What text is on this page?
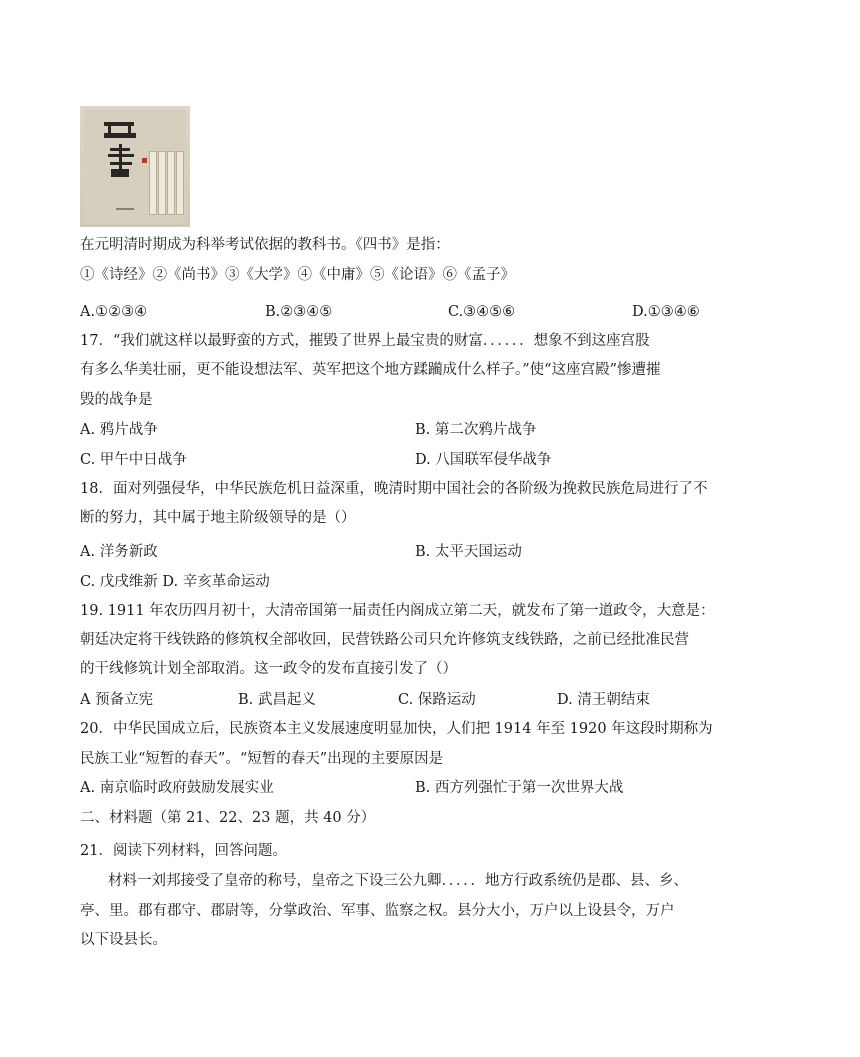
在元明清时期成为科举考试依据的教科书。《四书》是指：
①《诗经》②《尚书》③《大学》④《中庸》⑤《论语》⑥《孟子》
A.①②③④	B.②③④⑤	C.③④⑤⑥	D.①③④⑥
17．“我们就这样以最野蛮的方式，摧毁了世界上最宝贵的财富．．．．．．想象不到这座宫股
有多么华美壮丽，更不能设想法军、英军把这个地方蹂躏成什么样子。”使“这座宫殿”惨遭摧
毁的战争是
A. 鸦片战争	B. 第二次鸦片战争
C. 甲午中日战争	D. 八国联军侵华战争
18．面对列强侵华，中华民族危机日益深重，晚清时期中国社会的各阶级为挽救民族危局进行了不
断的努力，其中属于地主阶级领导的是（）
A. 洋务新政	B. 太平天国运动
C. 戊戌维新 D. 辛亥革命运动
19. 1911 年农历四月初十，大清帝国第一届责任内阁成立第二天，就发布了第一道政令，大意是：
朝廷决定将干线铁路的修筑权全部收回，民营铁路公司只允许修筑支线铁路，之前已经批准民营
的干线修筑计划全部取消。这一政令的发布直接引发了（）
A 预备立宪	B. 武昌起义	C. 保路运动	D. 清王朝结束
20．中华民国成立后，民族资本主义发展速度明显加快，人们把 1914 年至 1920 年这段时期称为
民族工业“短暂的春天”。“短暂的春天”出现的主要原因是
A. 南京临时政府鼓励发展实业	B. 西方列强忙于第一次世界大战
二、材料题（第 21、22、23 题，共 40 分）
21．阅读下列材料，回答问题。
材料一刘邦接受了皇帝的称号，皇帝之下设三公九卿．．．．．地方行政系统仍是郡、县、乡、
亭、里。郡有郡守、郡尉等，分掌政治、军事、监察之权。县分大小，万户以上设县令，万户
以下设县长。
